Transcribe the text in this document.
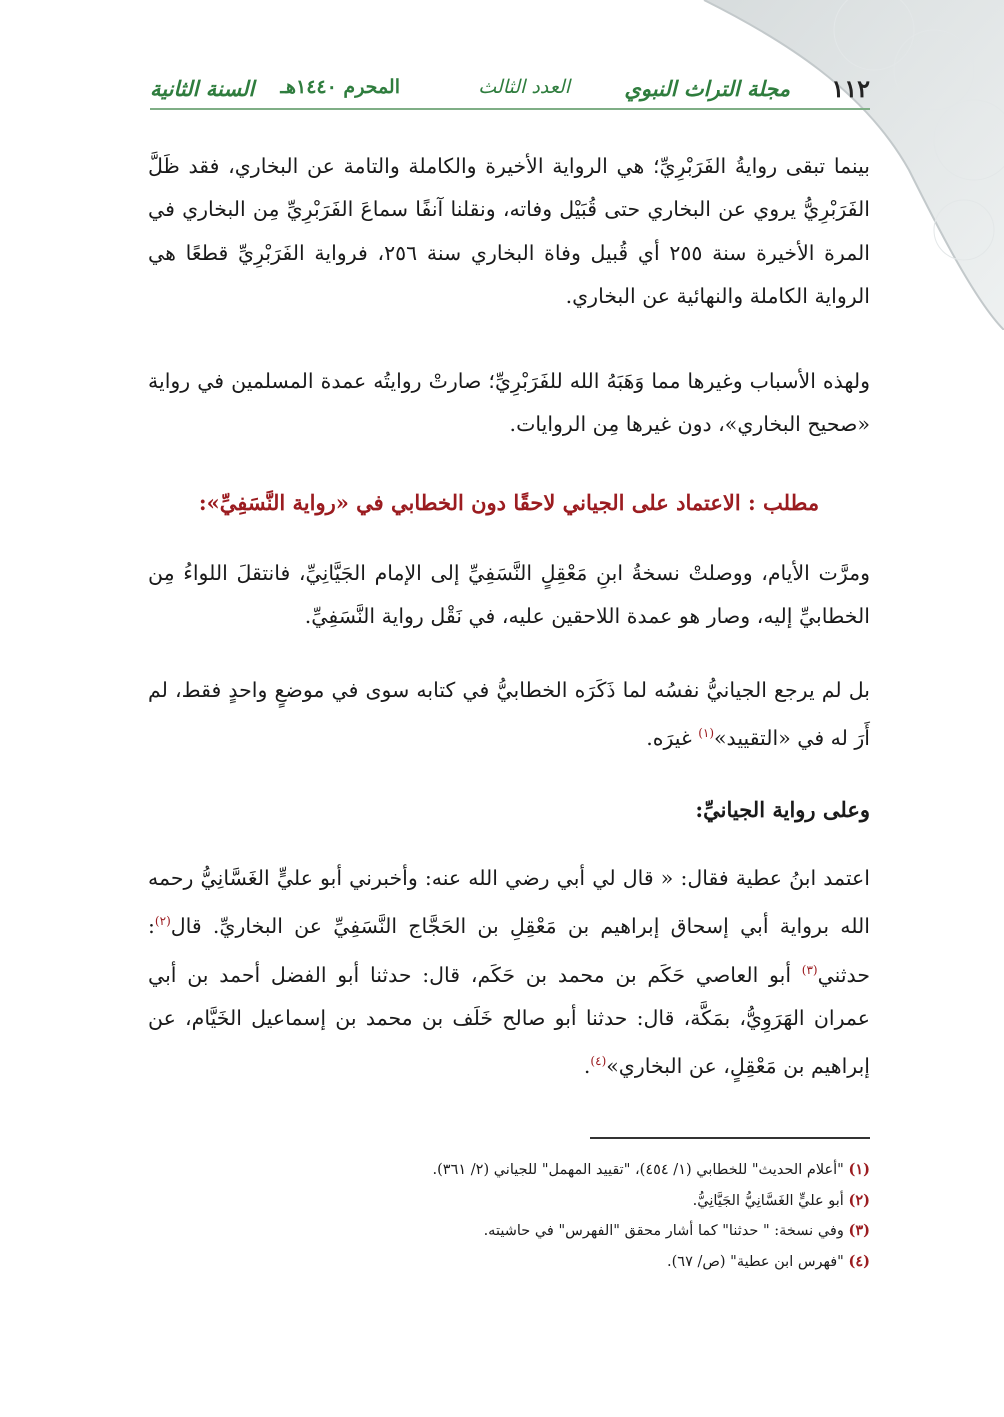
١١٢
مجلة التراث النبوي
العدد الثالث
المحرم ١٤٤٠هـ
السنة الثانية

بينما تبقى روايةُ الفَرَبْرِيِّ؛ هي الرواية الأخيرة والكاملة والتامة عن البخاري، فقد ظَلَّ الفَرَبْرِيُّ يروي عن البخاري حتى قُبَيْل وفاته، ونقلنا آنفًا سماعَ الفَرَبْرِيِّ مِن البخاري في المرة الأخيرة سنة ٢٥٥ أي قُبيل وفاة البخاري سنة ٢٥٦، فرواية الفَرَبْرِيِّ قطعًا هي الرواية الكاملة والنهائية عن البخاري.

ولهذه الأسباب وغيرها مما وَهَبَهُ الله للفَرَبْرِيِّ؛ صارتْ روايتُه عمدة المسلمين في رواية «صحيح البخاري»، دون غيرها مِن الروايات.

مطلب : الاعتماد على الجياني لاحقًا دون الخطابي في «رواية النَّسَفِيِّ»:

ومرَّت الأيام، ووصلتْ نسخةُ ابنِ مَعْقِلٍ النَّسَفِيِّ إلى الإمام الجَيَّانِيِّ، فانتقلَ اللواءُ مِن الخطابيِّ إليه، وصار هو عمدة اللاحقين عليه، في نَقْل رواية النَّسَفِيِّ.

بل لم يرجع الجيانيُّ نفسُه لما ذَكَرَه الخطابيُّ في كتابه سوى في موضعٍ واحدٍ فقط، لم أَرَ له في «التقييد»$^{(١)}$ غيرَه.

وعلى رواية الجيانيِّ:

اعتمد ابنُ عطية فقال: « قال لي أبي رضي الله عنه: وأخبرني أبو عليٍّ الغَسَّانِيُّ رحمه الله برواية أبي إسحاق إبراهيم بن مَعْقِلِ بن الحَجَّاج النَّسَفِيِّ عن البخاريِّ. قال$^{(٢)}$: حدثني$^{(٣)}$ أبو العاصي حَكَم بن محمد بن حَكَم، قال: حدثنا أبو الفضل أحمد بن أبي عمران الهَرَوِيُّ، بمَكَّة، قال: حدثنا أبو صالح خَلَف بن محمد بن إسماعيل الخَيَّام، عن إبراهيم بن مَعْقِلٍ، عن البخاري»$^{(٤)}$.

(١) "أعلام الحديث" للخطابي (١/ ٤٥٤)، "تقييد المهمل" للجياني (٢/ ٣٦١).
(٢) أبو عليٍّ الغَسَّانِيُّ الجَيَّانِيُّ.
(٣) وفي نسخة: " حدثنا" كما أشار محقق "الفهرس" في حاشيته.
(٤) "فهرس ابن عطية" (ص/ ٦٧).
